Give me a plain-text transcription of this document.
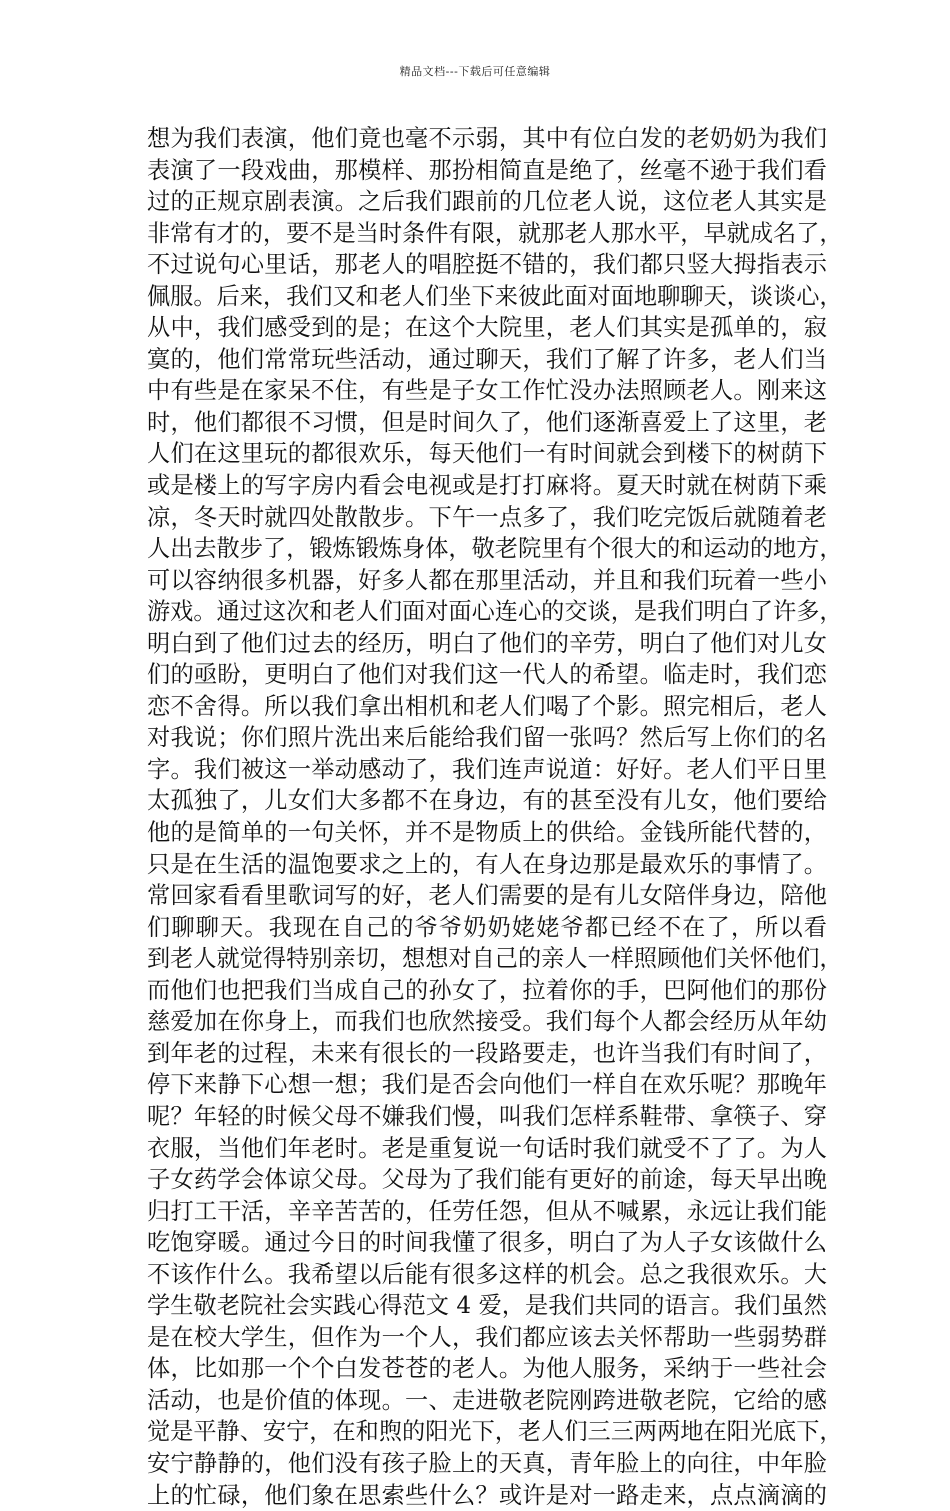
精品文档---下载后可任意编辑
想为我们表演，他们竟也毫不示弱，其中有位白发的老奶奶为我们
表演了一段戏曲，那模样、那扮相简直是绝了，丝毫不逊于我们看
过的正规京剧表演。之后我们跟前的几位老人说，这位老人其实是
非常有才的，要不是当时条件有限，就那老人那水平，早就成名了，
不过说句心里话，那老人的唱腔挺不错的，我们都只竖大拇指表示
佩服。后来，我们又和老人们坐下来彼此面对面地聊聊天，谈谈心，
从中，我们感受到的是；在这个大院里，老人们其实是孤单的，寂
寞的，他们常常玩些活动，通过聊天，我们了解了许多，老人们当
中有些是在家呆不住，有些是子女工作忙没办法照顾老人。刚来这
时，他们都很不习惯，但是时间久了，他们逐渐喜爱上了这里，老
人们在这里玩的都很欢乐，每天他们一有时间就会到楼下的树荫下
或是楼上的写字房内看会电视或是打打麻将。夏天时就在树荫下乘
凉，冬天时就四处散散步。下午一点多了，我们吃完饭后就随着老
人出去散步了，锻炼锻炼身体，敬老院里有个很大的和运动的地方，
可以容纳很多机器，好多人都在那里活动，并且和我们玩着一些小
游戏。通过这次和老人们面对面心连心的交谈，是我们明白了许多，
明白到了他们过去的经历，明白了他们的辛劳，明白了他们对儿女
们的亟盼，更明白了他们对我们这一代人的希望。临走时，我们恋
恋不舍得。所以我们拿出相机和老人们喝了个影。照完相后，老人
对我说；你们照片洗出来后能给我们留一张吗？然后写上你们的名
字。我们被这一举动感动了，我们连声说道：好好。老人们平日里
太孤独了，儿女们大多都不在身边，有的甚至没有儿女，他们要给
他的是简单的一句关怀，并不是物质上的供给。金钱所能代替的，
只是在生活的温饱要求之上的，有人在身边那是最欢乐的事情了。
常回家看看里歌词写的好，老人们需要的是有儿女陪伴身边，陪他
们聊聊天。我现在自己的爷爷奶奶姥姥爷都已经不在了，所以看
到老人就觉得特别亲切，想想对自己的亲人一样照顾他们关怀他们，
而他们也把我们当成自己的孙女了，拉着你的手，巴阿他们的那份
慈爱加在你身上，而我们也欣然接受。我们每个人都会经历从年幼
到年老的过程，未来有很长的一段路要走，也许当我们有时间了，
停下来静下心想一想；我们是否会向他们一样自在欢乐呢？那晚年
呢？年轻的时候父母不嫌我们慢，叫我们怎样系鞋带、拿筷子、穿
衣服，当他们年老时。老是重复说一句话时我们就受不了了。为人
子女药学会体谅父母。父母为了我们能有更好的前途，每天早出晚
归打工干活，辛辛苦苦的，任劳任怨，但从不喊累，永远让我们能
吃饱穿暖。通过今日的时间我懂了很多，明白了为人子女该做什么
不该作什么。我希望以后能有很多这样的机会。总之我很欢乐。大
学生敬老院社会实践心得范文 4 爱，是我们共同的语言。我们虽然
是在校大学生，但作为一个人，我们都应该去关怀帮助一些弱势群
体，比如那一个个白发苍苍的老人。为他人服务，采纳于一些社会
活动，也是价值的体现。一、走进敬老院刚跨进敬老院，它给的感
觉是平静、安宁，在和煦的阳光下，老人们三三两两地在阳光底下，
安宁静静的，他们没有孩子脸上的天真，青年脸上的向往，中年脸
上的忙碌，他们象在思索些什么？或许是对一路走来，点点滴滴的
